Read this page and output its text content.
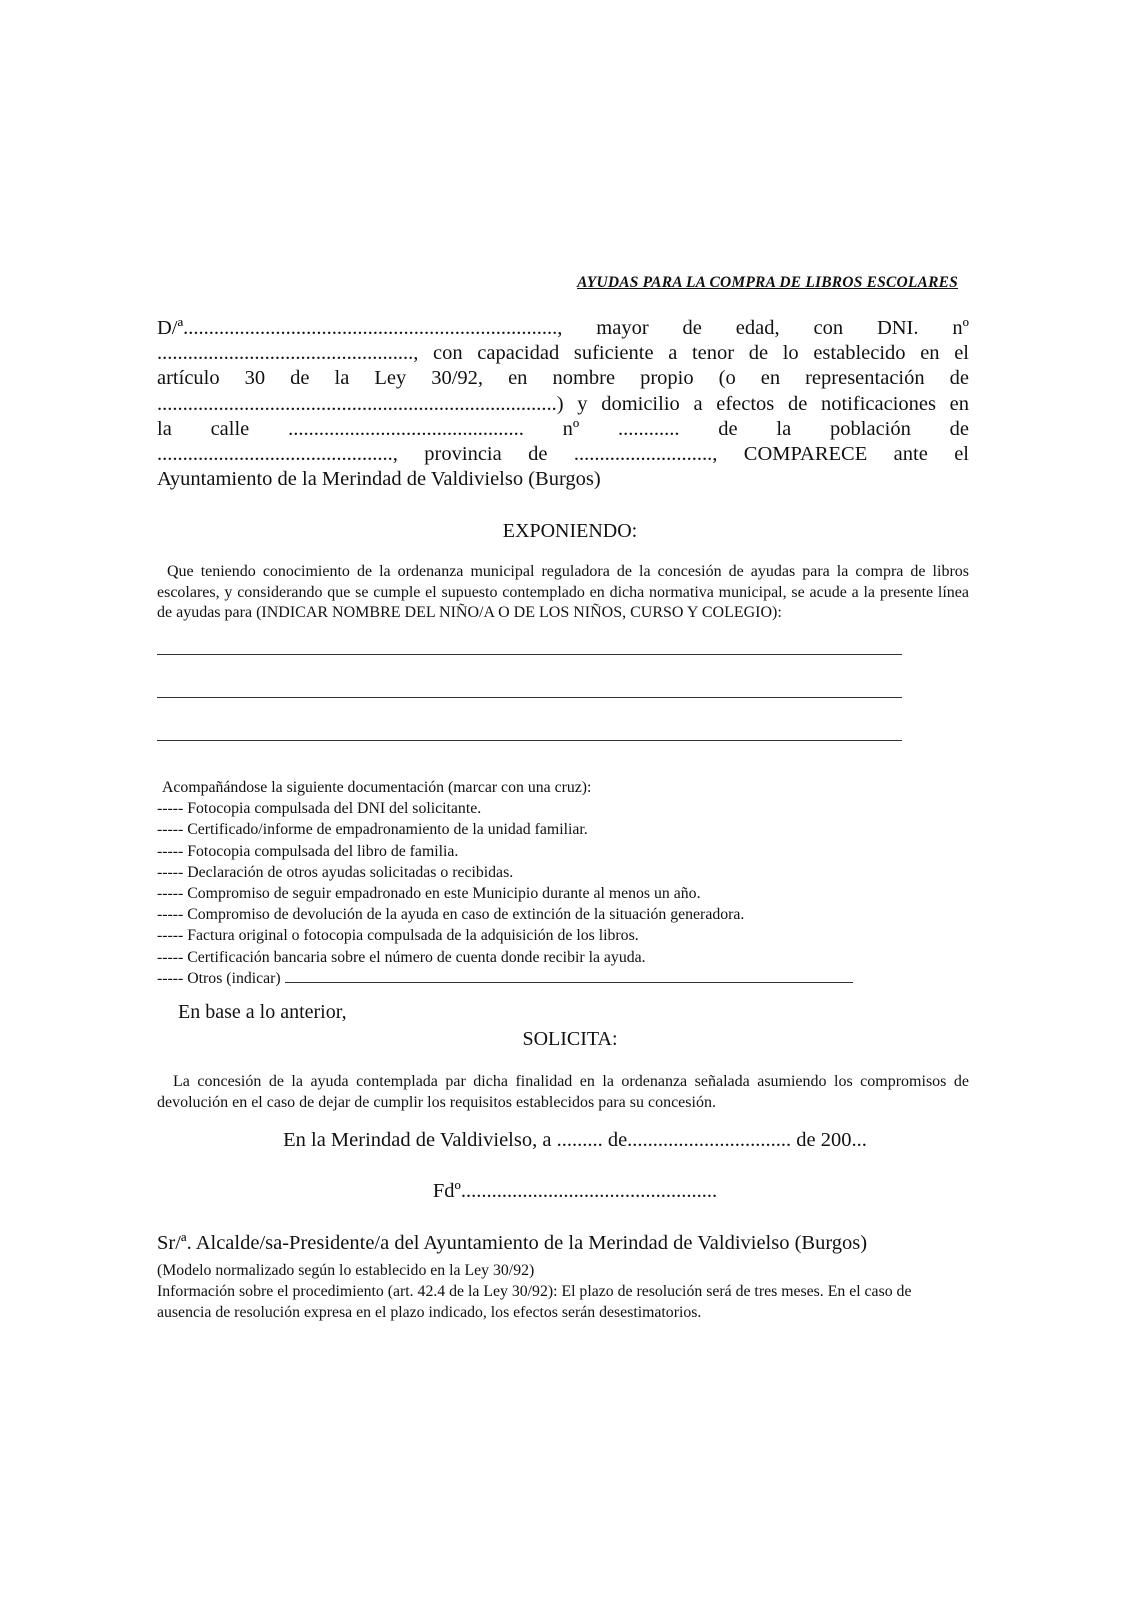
AYUDAS PARA LA COMPRA DE LIBROS ESCOLARES
D/ª........................................................................., mayor de edad, con DNI. nº
.................................................., con capacidad suficiente a tenor de lo establecido en el
artículo 30 de la Ley 30/92, en nombre propio (o en representación de
..............................................................................) y domicilio a efectos de notificaciones en
la calle .............................................. nº ............ de la población de
.............................................., provincia de ..........................., COMPARECE ante el
Ayuntamiento de la Merindad de Valdivielso (Burgos)
EXPONIENDO:
Que teniendo conocimiento de la ordenanza municipal reguladora de la concesión de ayudas para la compra de libros escolares, y considerando que se cumple el supuesto contemplado en dicha normativa municipal, se acude a la presente línea de ayudas para (INDICAR NOMBRE DEL NIÑO/A O DE LOS NIÑOS, CURSO Y COLEGIO):
Acompañándose la siguiente documentación (marcar con una cruz):
----- Fotocopia compulsada del DNI del solicitante.
----- Certificado/informe de empadronamiento de la unidad familiar.
----- Fotocopia compulsada del libro de familia.
----- Declaración de otros ayudas solicitadas o recibidas.
----- Compromiso de seguir empadronado en este Municipio durante al menos un año.
----- Compromiso de devolución de la ayuda en caso de extinción de la situación generadora.
----- Factura original o fotocopia compulsada de la adquisición de los libros.
----- Certificación bancaria sobre el número de cuenta donde recibir la ayuda.
----- Otros (indicar)
En base a lo anterior,
SOLICITA:
La concesión de la ayuda contemplada par dicha finalidad en la ordenanza señalada asumiendo los compromisos de devolución en el caso de dejar de cumplir los requisitos establecidos para su concesión.
En la Merindad de Valdivielso, a ......... de................................ de 200...
Fdº..................................................
Sr/ª. Alcalde/sa-Presidente/a del Ayuntamiento de la Merindad de Valdivielso (Burgos)
(Modelo normalizado según lo establecido en la Ley 30/92)
Información sobre el procedimiento (art. 42.4 de la Ley 30/92): El plazo de resolución será de tres meses. En el caso de ausencia de resolución expresa en el plazo indicado, los efectos serán desestimatorios.
